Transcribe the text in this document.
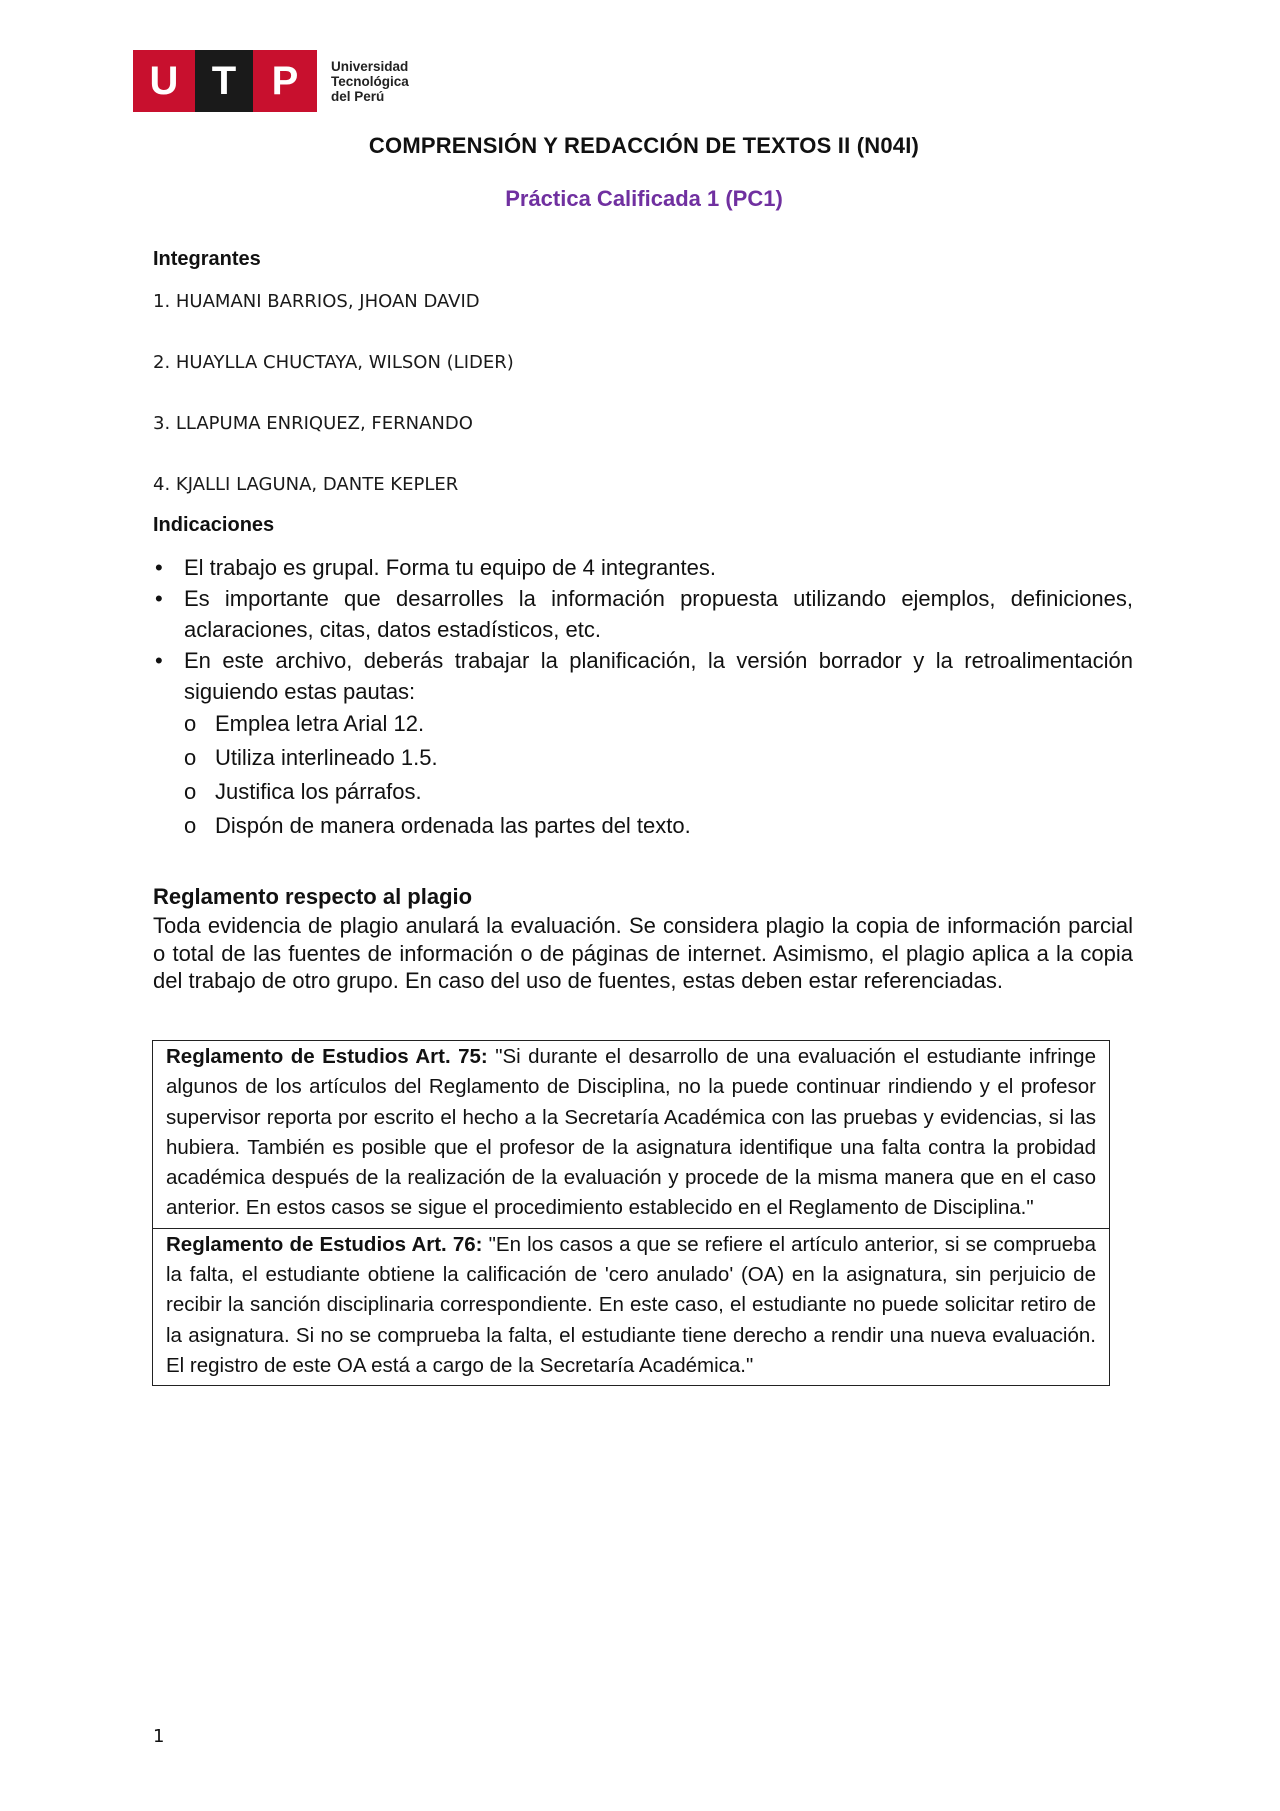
U T P	Universidad
Tecnológica
del Perú
COMPRENSIÓN Y REDACCIÓN DE TEXTOS II (N04I)
Práctica Calificada 1 (PC1)
Integrantes
1. HUAMANI BARRIOS, JHOAN DAVID
2. HUAYLLA CHUCTAYA, WILSON (LIDER)
3. LLAPUMA ENRIQUEZ, FERNANDO
4. KJALLI LAGUNA, DANTE KEPLER
Indicaciones
• El trabajo es grupal. Forma tu equipo de 4 integrantes.
• Es importante que desarrolles la información propuesta utilizando ejemplos, definiciones, aclaraciones, citas, datos estadísticos, etc.
• En este archivo, deberás trabajar la planificación, la versión borrador y la retroalimentación siguiendo estas pautas:
o Emplea letra Arial 12.
o Utiliza interlineado 1.5.
o Justifica los párrafos.
o Dispón de manera ordenada las partes del texto.
Reglamento respecto al plagio
Toda evidencia de plagio anulará la evaluación. Se considera plagio la copia de información parcial o total de las fuentes de información o de páginas de internet. Asimismo, el plagio aplica a la copia del trabajo de otro grupo. En caso del uso de fuentes, estas deben estar referenciadas.
Reglamento de Estudios Art. 75: "Si durante el desarrollo de una evaluación el estudiante infringe algunos de los artículos del Reglamento de Disciplina, no la puede continuar rindiendo y el profesor supervisor reporta por escrito el hecho a la Secretaría Académica con las pruebas y evidencias, si las hubiera. También es posible que el profesor de la asignatura identifique una falta contra la probidad académica después de la realización de la evaluación y procede de la misma manera que en el caso anterior. En estos casos se sigue el procedimiento establecido en el Reglamento de Disciplina."
Reglamento de Estudios Art. 76: "En los casos a que se refiere el artículo anterior, si se comprueba la falta, el estudiante obtiene la calificación de 'cero anulado' (OA) en la asignatura, sin perjuicio de recibir la sanción disciplinaria correspondiente. En este caso, el estudiante no puede solicitar retiro de la asignatura. Si no se comprueba la falta, el estudiante tiene derecho a rendir una nueva evaluación. El registro de este OA está a cargo de la Secretaría Académica."
1
